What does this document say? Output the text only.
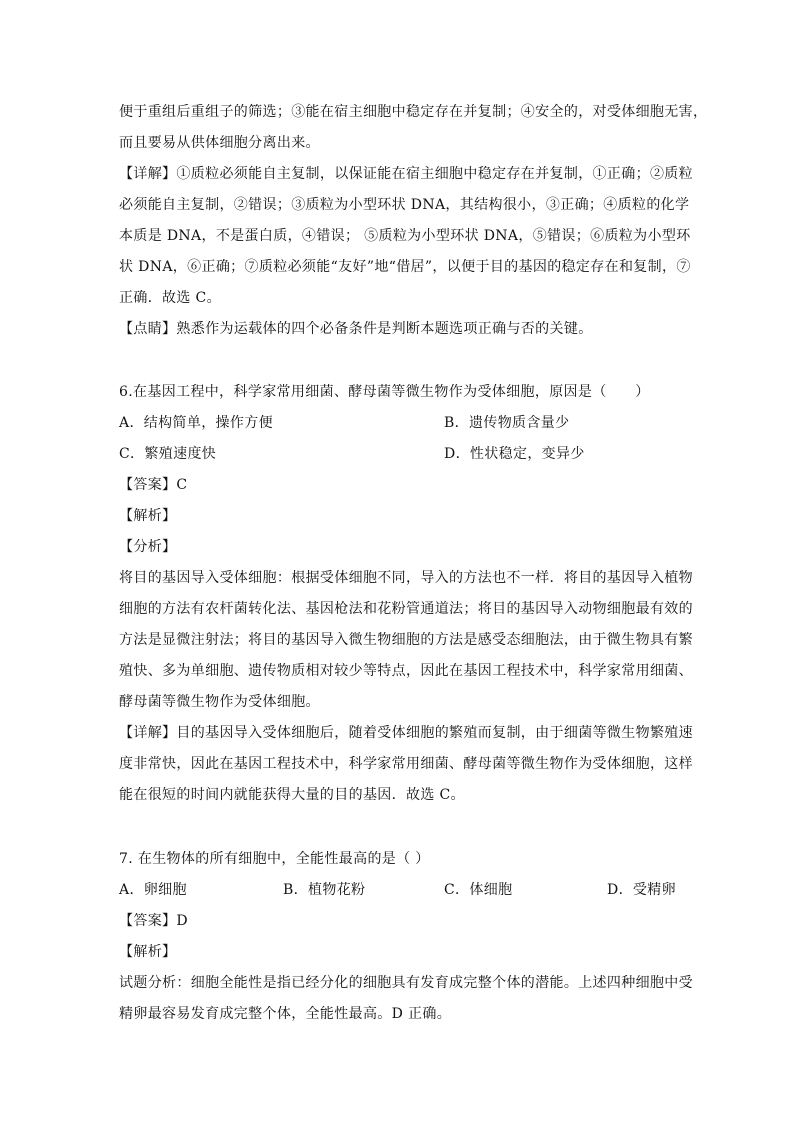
便于重组后重组子的筛选；③能在宿主细胞中稳定存在并复制；④安全的，对受体细胞无害，
而且要易从供体细胞分离出来。
【详解】①质粒必须能自主复制，以保证能在宿主细胞中稳定存在并复制，①正确；②质粒
必须能自主复制，②错误；③质粒为小型环状 DNA，其结构很小，③正确；④质粒的化学
本质是 DNA，不是蛋白质，④错误； ⑤质粒为小型环状 DNA，⑤错误；⑥质粒为小型环
状 DNA，⑥正确；⑦质粒必须能“友好”地“借居”，以便于目的基因的稳定存在和复制，⑦
正确．故选 C。
【点睛】熟悉作为运载体的四个必备条件是判断本题选项正确与否的关键。
6.在基因工程中，科学家常用细菌、酵母菌等微生物作为受体细胞，原因是（　　）
A．结构简单，操作方便	B．遗传物质含量少
C．繁殖速度快	D．性状稳定，变异少
【答案】C
【解析】
【分析】
将目的基因导入受体细胞：根据受体细胞不同，导入的方法也不一样．将目的基因导入植物
细胞的方法有农杆菌转化法、基因枪法和花粉管通道法；将目的基因导入动物细胞最有效的
方法是显微注射法；将目的基因导入微生物细胞的方法是感受态细胞法，由于微生物具有繁
殖快、多为单细胞、遗传物质相对较少等特点，因此在基因工程技术中，科学家常用细菌、
酵母菌等微生物作为受体细胞。
【详解】目的基因导入受体细胞后，随着受体细胞的繁殖而复制，由于细菌等微生物繁殖速
度非常快，因此在基因工程技术中，科学家常用细菌、酵母菌等微生物作为受体细胞，这样
能在很短的时间内就能获得大量的目的基因．故选 C。
7. 在生物体的所有细胞中，全能性最高的是（ ）
A．卵细胞	B．植物花粉	C．体细胞	D．受精卵
【答案】D
【解析】
试题分析：细胞全能性是指已经分化的细胞具有发育成完整个体的潜能。上述四种细胞中受
精卵最容易发育成完整个体，全能性最高。D 正确。
